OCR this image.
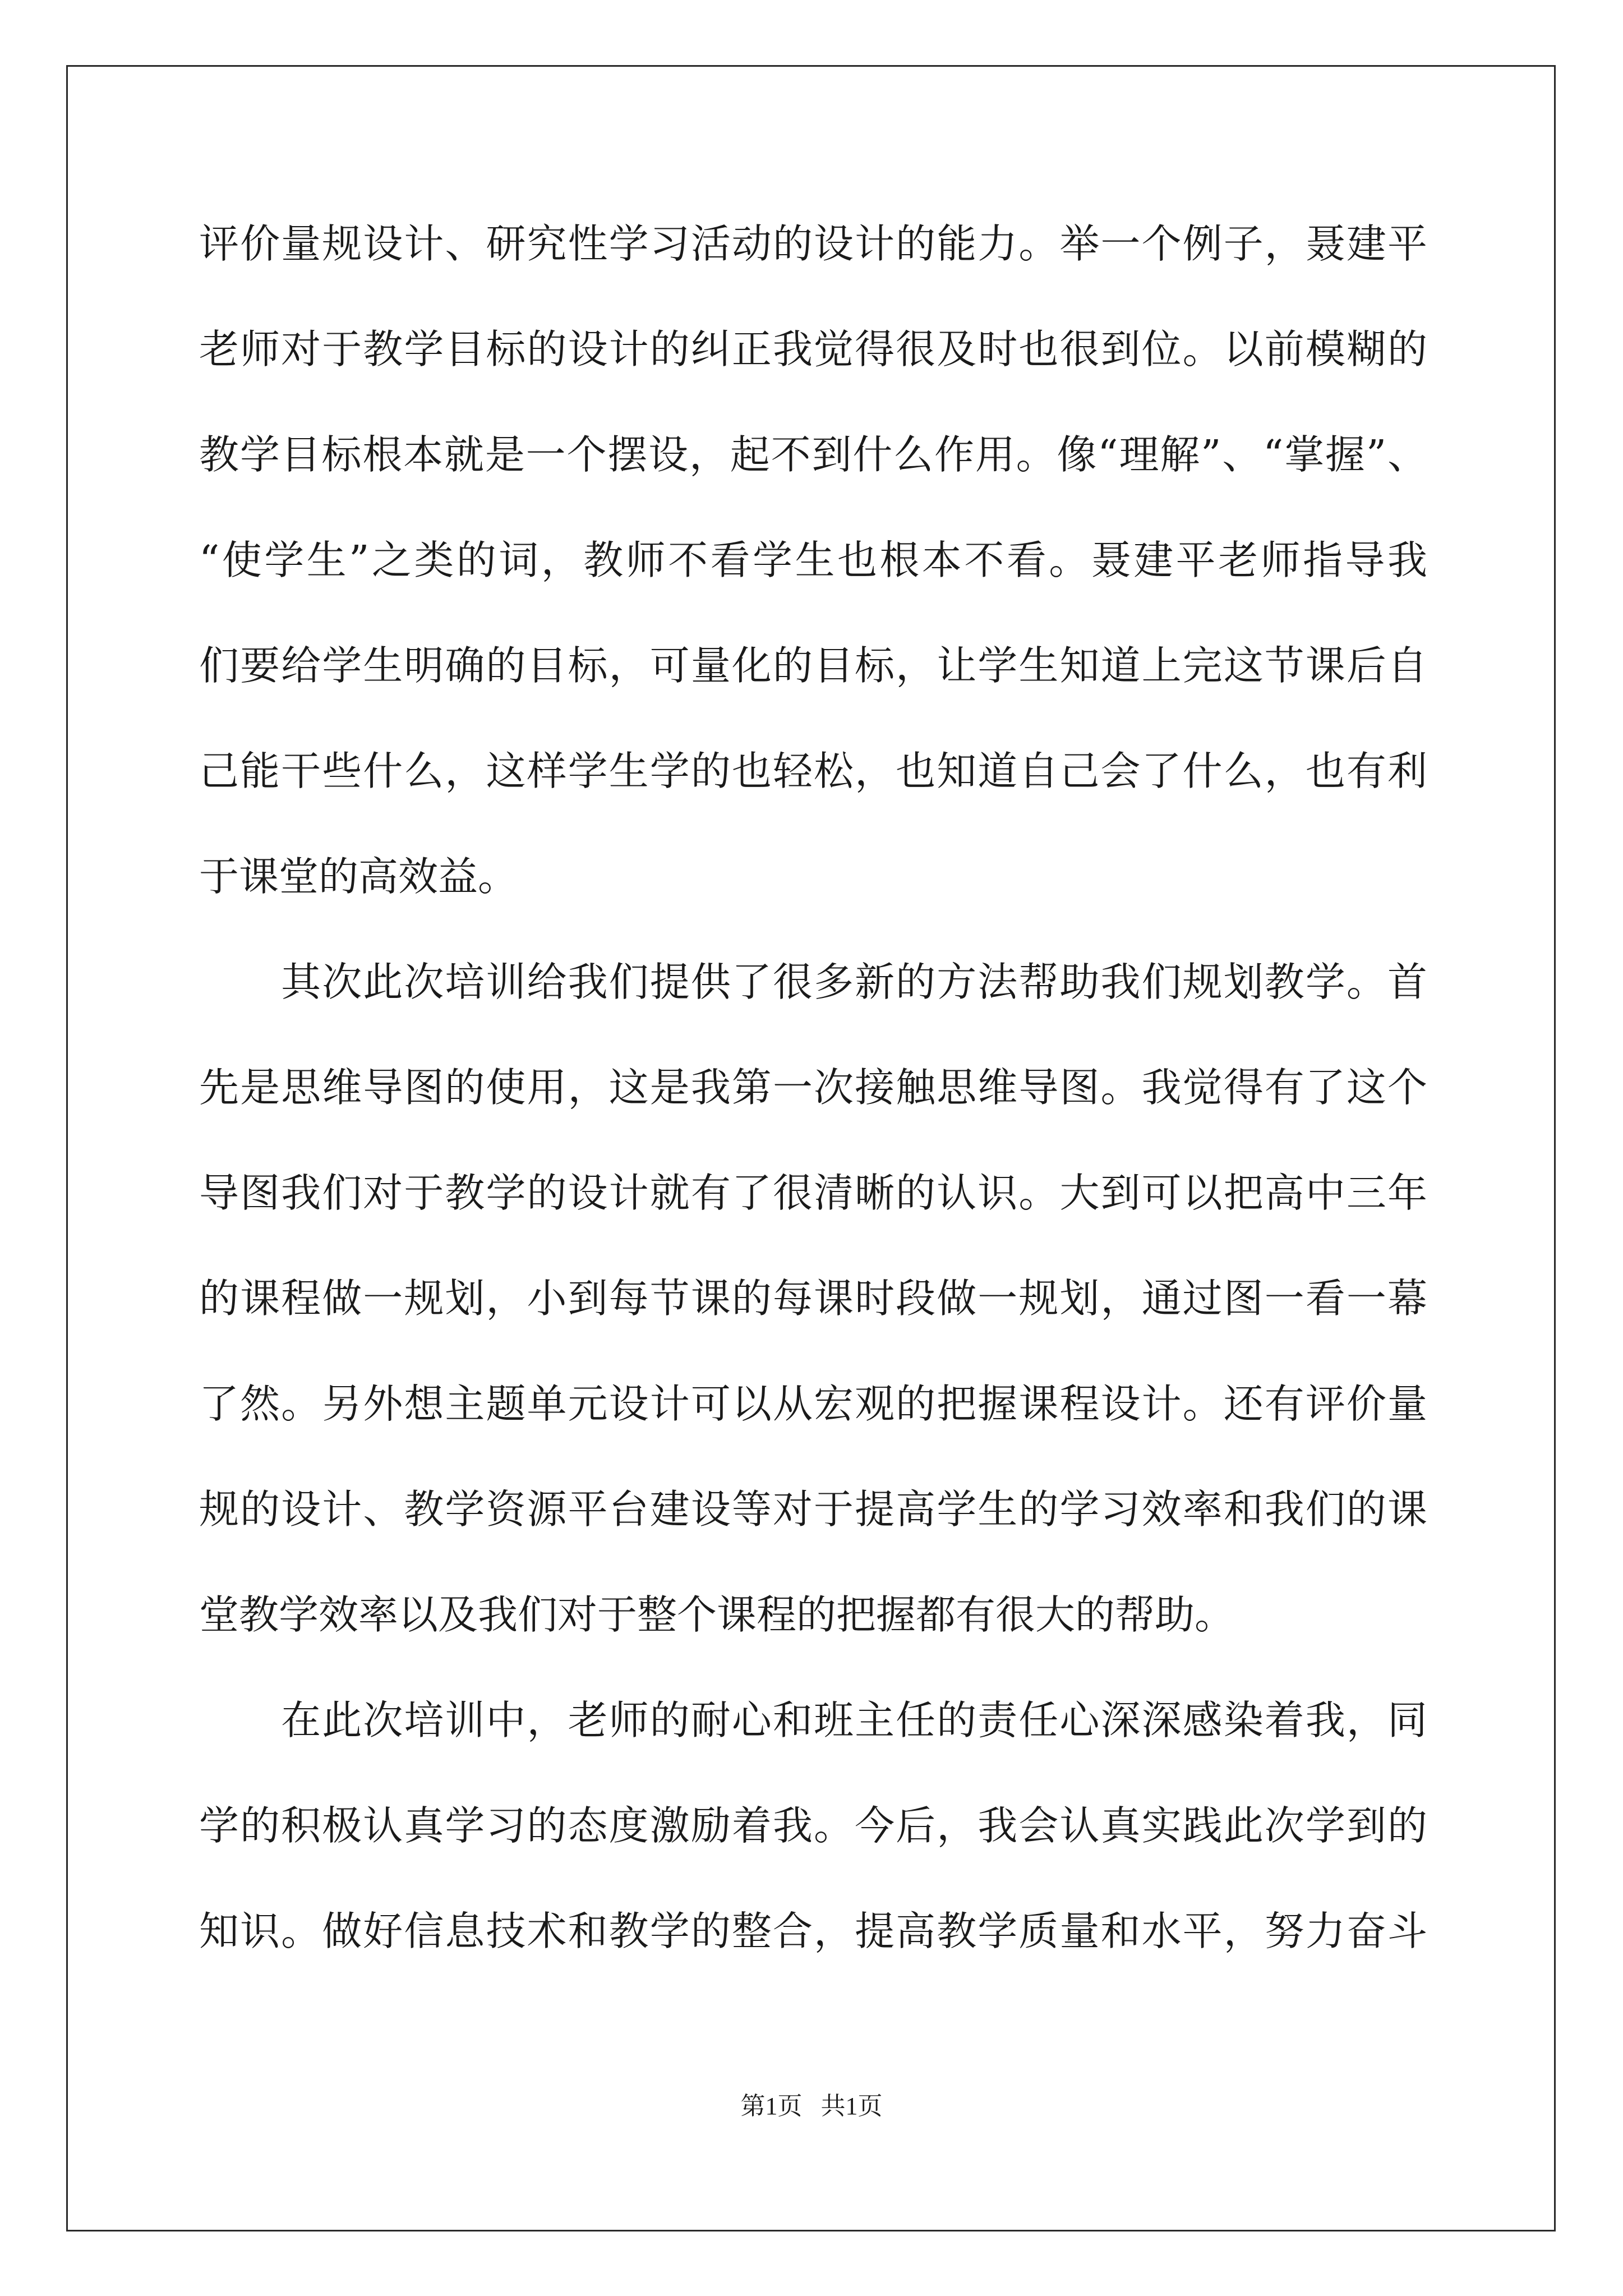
评价量规设计、研究性学习活动的设计的能力。举一个例子，聂建平
老师对于教学目标的设计的纠正我觉得很及时也很到位。以前模糊的
教学目标根本就是一个摆设，起不到什么作用。像“理解”、“掌握”、
“使学生”之类的词，教师不看学生也根本不看。聂建平老师指导我
们要给学生明确的目标，可量化的目标，让学生知道上完这节课后自
己能干些什么，这样学生学的也轻松，也知道自己会了什么，也有利
于课堂的高效益。
　　其次此次培训给我们提供了很多新的方法帮助我们规划教学。首
先是思维导图的使用，这是我第一次接触思维导图。我觉得有了这个
导图我们对于教学的设计就有了很清晰的认识。大到可以把高中三年
的课程做一规划，小到每节课的每课时段做一规划，通过图一看一幕
了然。另外想主题单元设计可以从宏观的把握课程设计。还有评价量
规的设计、教学资源平台建设等对于提高学生的学习效率和我们的课
堂教学效率以及我们对于整个课程的把握都有很大的帮助。
　　在此次培训中，老师的耐心和班主任的责任心深深感染着我，同
学的积极认真学习的态度激励着我。今后，我会认真实践此次学到的
知识。做好信息技术和教学的整合，提高教学质量和水平，努力奋斗
第1页   共1页
